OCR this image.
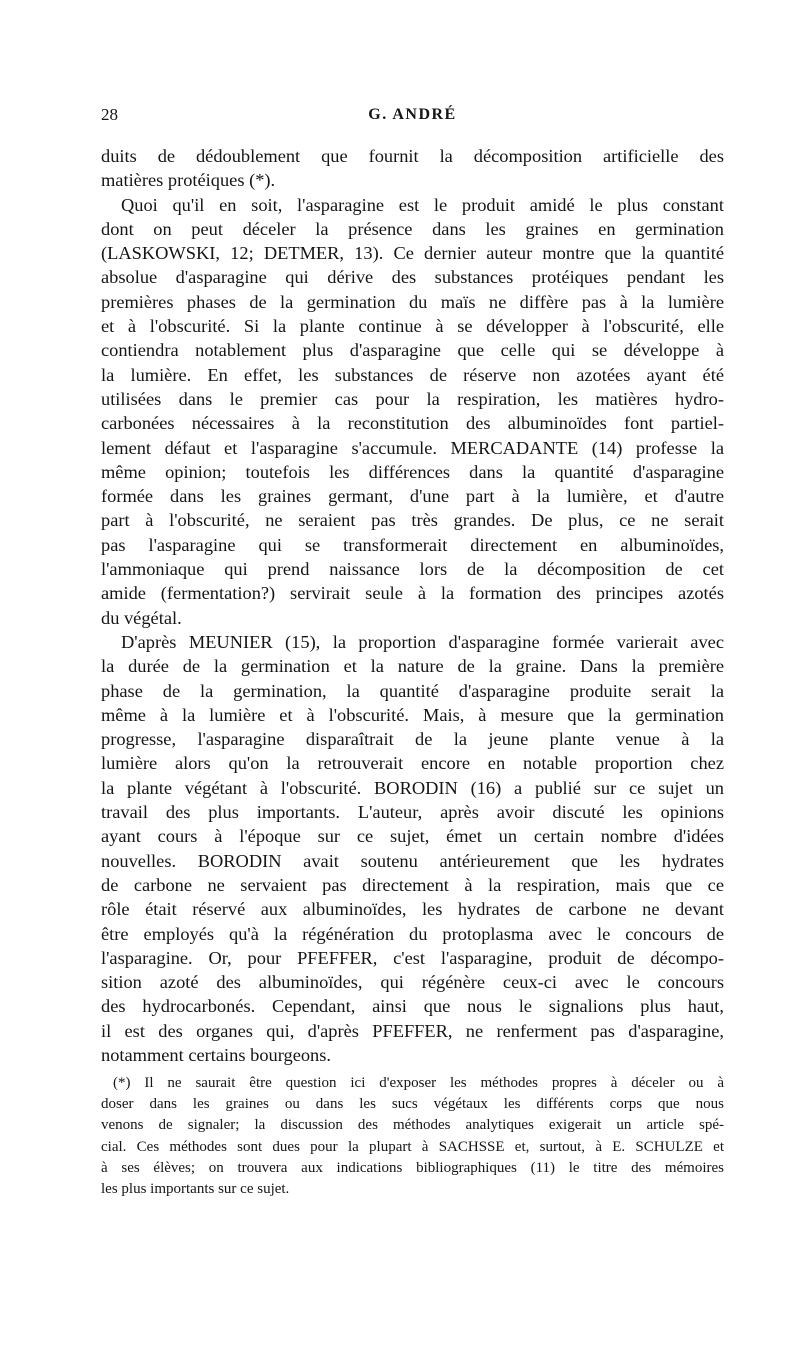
28	G. ANDRÉ
duits de dédoublement que fournit la décomposition artificielle des
matières protéiques (*).
Quoi qu'il en soit, l'asparagine est le produit amidé le plus constant
dont on peut déceler la présence dans les graines en germination
(LASKOWSKI, 12; DETMER, 13). Ce dernier auteur montre que la quantité
absolue d'asparagine qui dérive des substances protéiques pendant les
premières phases de la germination du maïs ne diffère pas à la lumière
et à l'obscurité. Si la plante continue à se développer à l'obscurité, elle
contiendra notablement plus d'asparagine que celle qui se développe à
la lumière. En effet, les substances de réserve non azotées ayant été
utilisées dans le premier cas pour la respiration, les matières hydro-
carbonées nécessaires à la reconstitution des albuminoïdes font partiel-
lement défaut et l'asparagine s'accumule. MERCADANTE (14) professe la
même opinion; toutefois les différences dans la quantité d'asparagine
formée dans les graines germant, d'une part à la lumière, et d'autre
part à l'obscurité, ne seraient pas très grandes. De plus, ce ne serait
pas l'asparagine qui se transformerait directement en albuminoïdes,
l'ammoniaque qui prend naissance lors de la décomposition de cet
amide (fermentation?) servirait seule à la formation des principes azotés
du végétal.
D'après MEUNIER (15), la proportion d'asparagine formée varierait avec
la durée de la germination et la nature de la graine. Dans la première
phase de la germination, la quantité d'asparagine produite serait la
même à la lumière et à l'obscurité. Mais, à mesure que la germination
progresse, l'asparagine disparaîtrait de la jeune plante venue à la
lumière alors qu'on la retrouverait encore en notable proportion chez
la plante végétant à l'obscurité. BORODIN (16) a publié sur ce sujet un
travail des plus importants. L'auteur, après avoir discuté les opinions
ayant cours à l'époque sur ce sujet, émet un certain nombre d'idées
nouvelles. BORODIN avait soutenu antérieurement que les hydrates
de carbone ne servaient pas directement à la respiration, mais que ce
rôle était réservé aux albuminoïdes, les hydrates de carbone ne devant
être employés qu'à la régénération du protoplasma avec le concours de
l'asparagine. Or, pour PFEFFER, c'est l'asparagine, produit de décompo-
sition azoté des albuminoïdes, qui régénère ceux-ci avec le concours
des hydrocarbonés. Cependant, ainsi que nous le signalions plus haut,
il est des organes qui, d'après PFEFFER, ne renferment pas d'asparagine,
notamment certains bourgeons.
(*) Il ne saurait être question ici d'exposer les méthodes propres à déceler ou à
doser dans les graines ou dans les sucs végétaux les différents corps que nous
venons de signaler; la discussion des méthodes analytiques exigerait un article spé-
cial. Ces méthodes sont dues pour la plupart à SACHSSE et, surtout, à E. SCHULZE et
à ses élèves; on trouvera aux indications bibliographiques (11) le titre des mémoires
les plus importants sur ce sujet.
